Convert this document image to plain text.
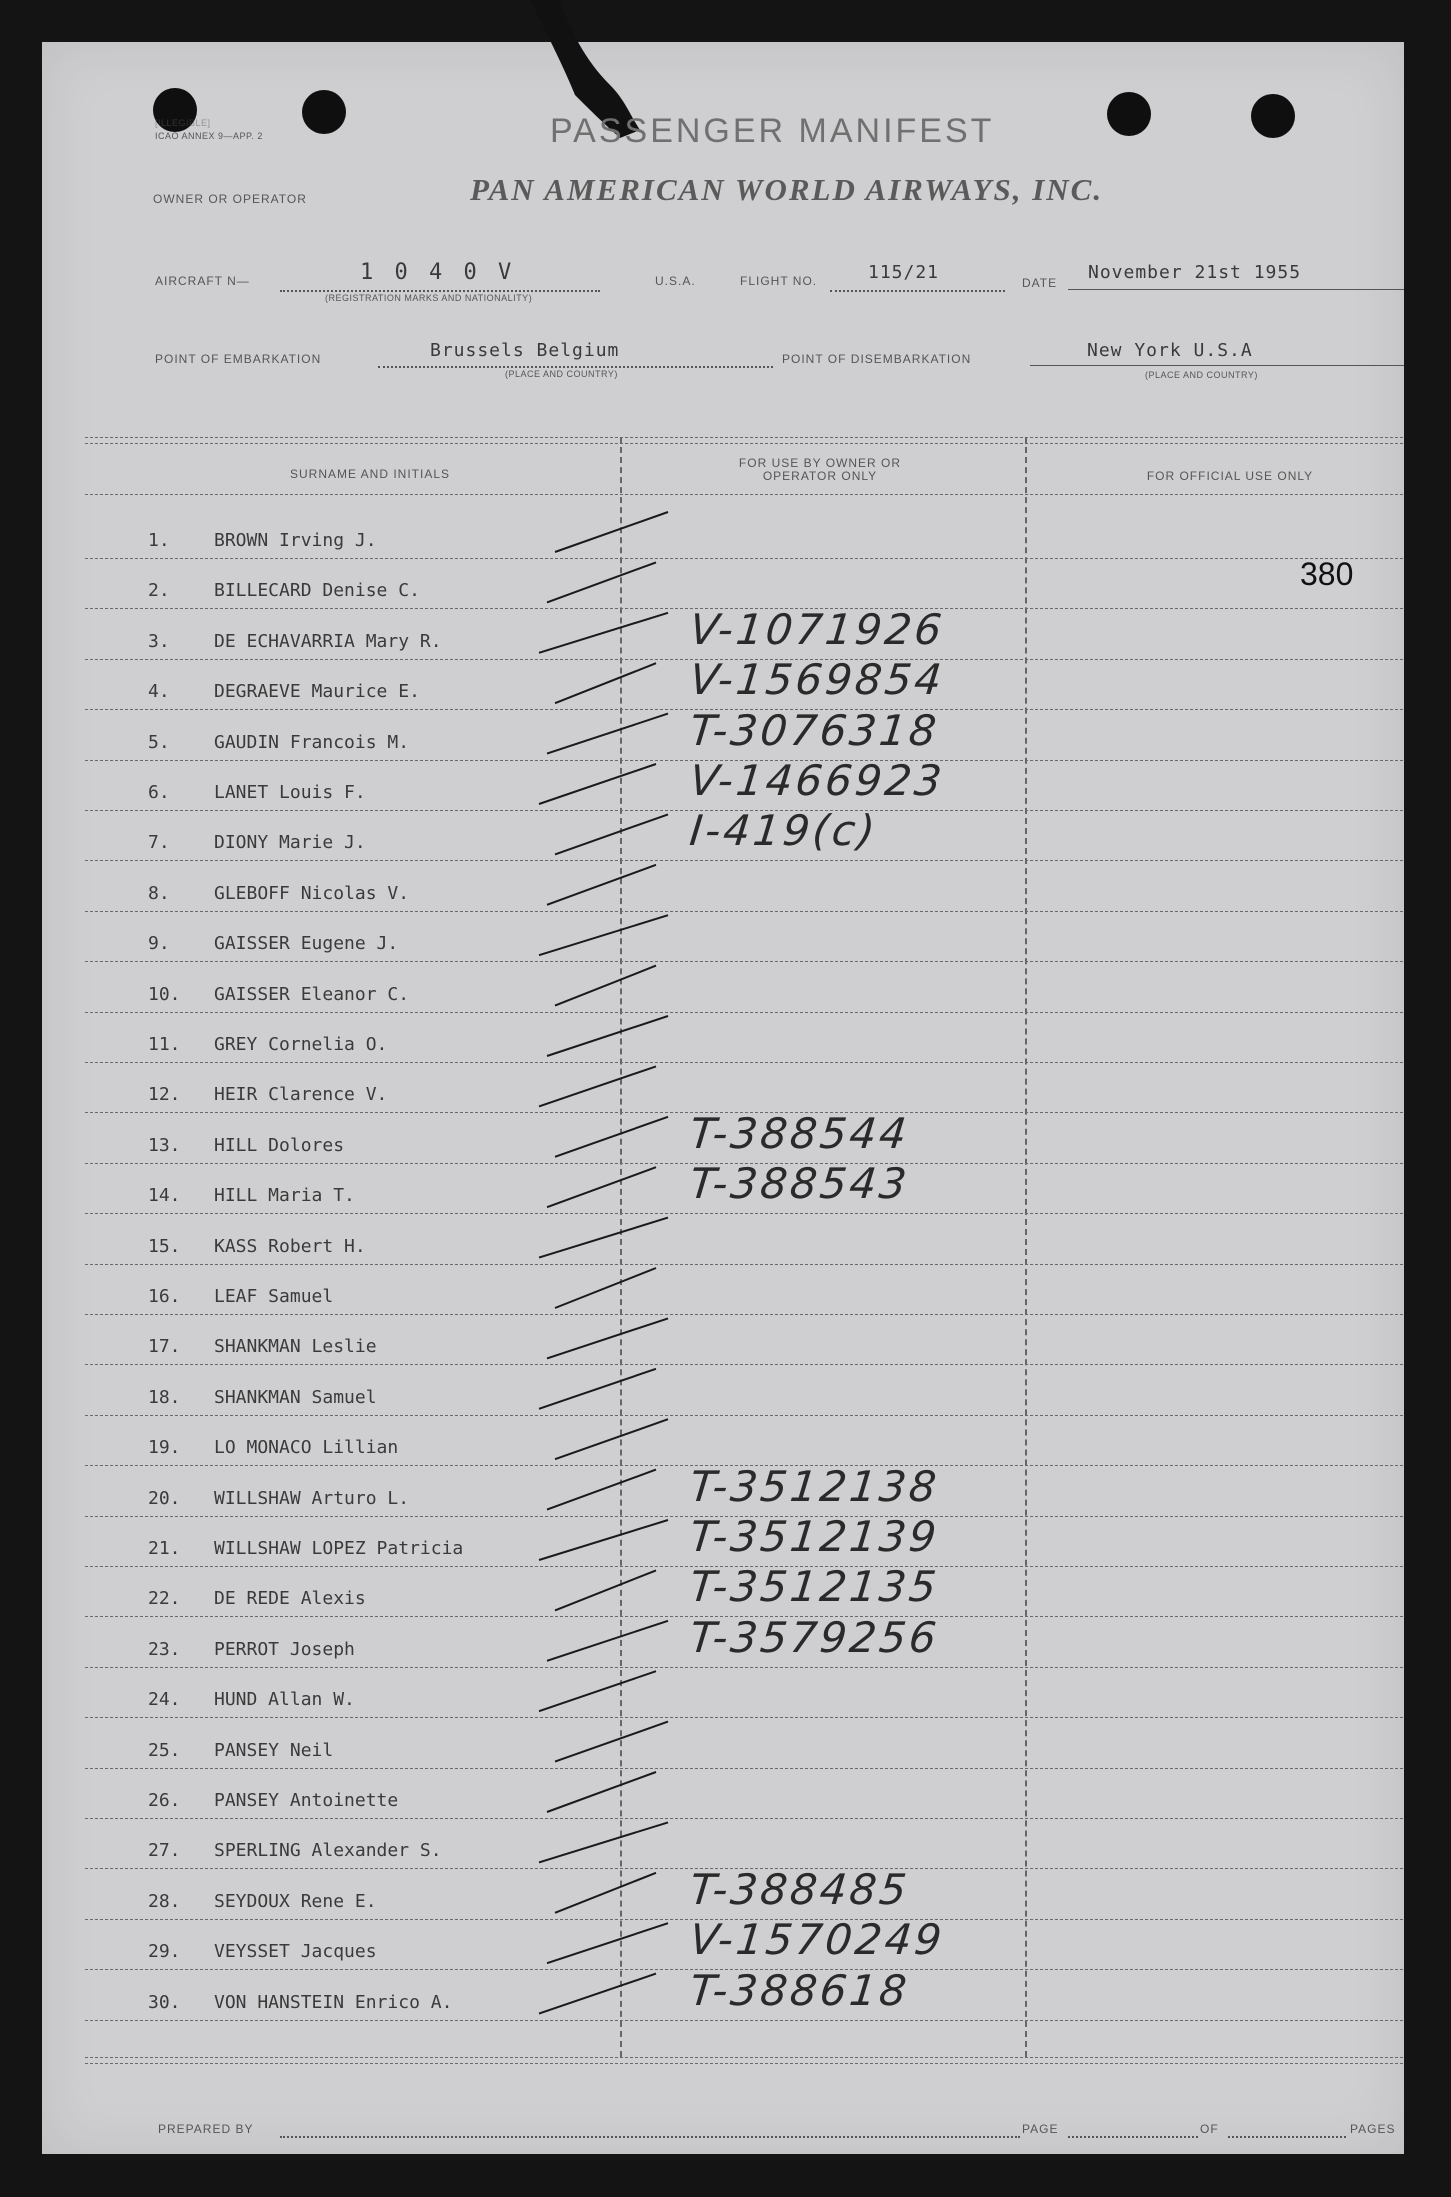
[ILLEGIBLE]
ICAO ANNEX 9—APP. 2	PASSENGER MANIFEST
OWNER OR OPERATOR	PAN AMERICAN WORLD AIRWAYS, INC.
AIRCRAFT N—	1 0 4 0 V
(REGISTRATION MARKS AND NATIONALITY)
U.S.A.	FLIGHT NO.	115/21	DATE November 21st 1955
POINT OF EMBARKATION	Brussels Belgium
(PLACE AND COUNTRY)
POINT OF DISEMBARKATION	New York U.S.A
(PLACE AND COUNTRY)
SURNAME AND INITIALS
FOR USE BY OWNER OR OPERATOR ONLY	FOR OFFICIAL USE ONLY
1.	BROWN Irving J.
2.	BILLECARD Denise C.
3.	DE ECHAVARRIA Mary R.	V-1071926
4.	DEGRAEVE Maurice E.	V-1569854
5.	GAUDIN Francois M.	T-3076318
6.	LANET Louis F.	V-1466923
7.	DIONY Marie J.	I-419(c)
8.	GLEBOFF Nicolas V.
9.	GAISSER Eugene J.
10.	GAISSER Eleanor C.
11.	GREY Cornelia O.
12.	HEIR Clarence V.
13.	HILL Dolores	T-388544
14.	HILL Maria T.	T-388543
15.	KASS Robert H.
16.	LEAF Samuel
17.	SHANKMAN Leslie
18.	SHANKMAN Samuel
19.	LO MONACO Lillian
20.	WILLSHAW Arturo L.	T-3512138
21.	WILLSHAW LOPEZ Patricia	T-3512139
22.	DE REDE Alexis	T-3512135
23.	PERROT Joseph	T-3579256
24.	HUND Allan W.
25.	PANSEY Neil
26.	PANSEY Antoinette
27.	SPERLING Alexander S.
28.	SEYDOUX Rene E.	T-388485
29.	VEYSSET Jacques	V-1570249
30.	VON HANSTEIN Enrico A.	T-388618
380
PREPARED BY	PAGE	OF	PAGES
